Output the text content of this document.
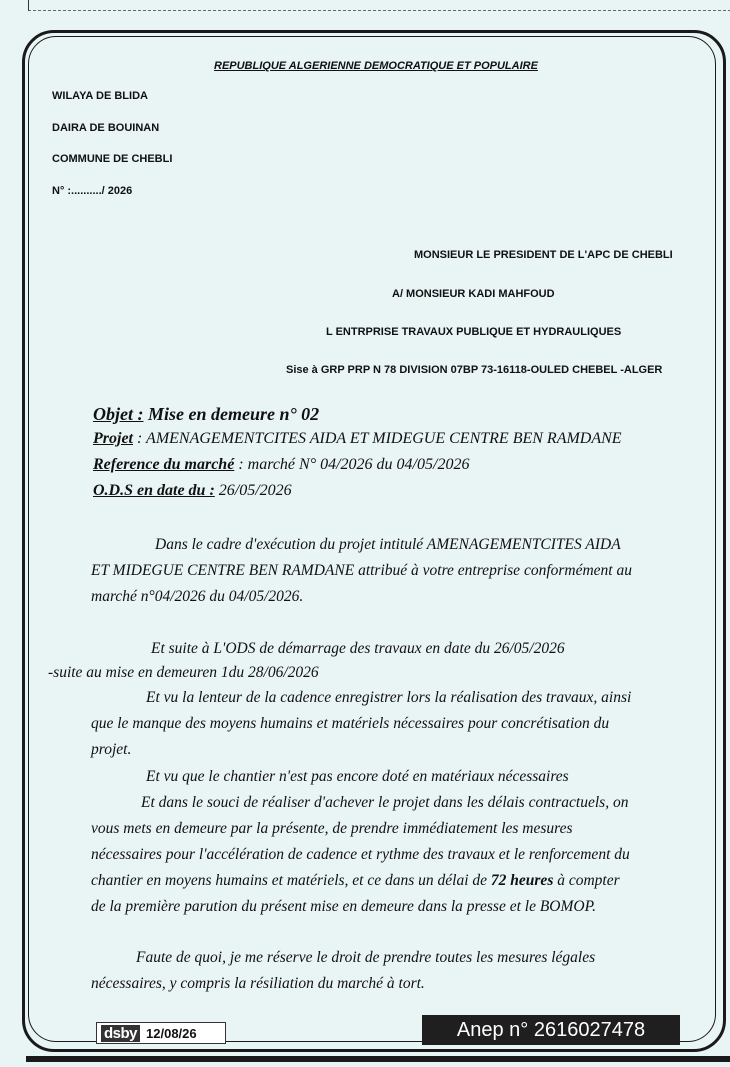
REPUBLIQUE ALGERIENNE DEMOCRATIQUE ET POPULAIRE
WILAYA DE BLIDA
DAIRA DE BOUINAN
COMMUNE DE CHEBLI
N° :........../ 2026
MONSIEUR LE PRESIDENT DE L'APC DE CHEBLI
A/ MONSIEUR KADI MAHFOUD
L ENTRPRISE TRAVAUX PUBLIQUE ET HYDRAULIQUES
Sise à GRP PRP N 78 DIVISION 07BP 73-16118-OULED CHEBEL -ALGER
Objet : Mise en demeure n° 02
Projet : AMENAGEMENTCITES AIDA ET MIDEGUE CENTRE BEN RAMDANE
Reference du marché : marché N° 04/2026 du 04/05/2026
O.D.S en date du : 26/05/2026
Dans le cadre d'exécution du projet intitulé AMENAGEMENTCITES AIDA
ET MIDEGUE CENTRE BEN RAMDANE attribué à votre entreprise conformément au
marché n°04/2026 du 04/05/2026.
Et suite à L'ODS de démarrage des travaux en date du 26/05/2026
-suite au mise en demeuren 1du 28/06/2026
Et vu la lenteur de la cadence enregistrer lors la réalisation des travaux, ainsi
que le manque des moyens humains et matériels nécessaires pour concrétisation du
projet.
Et vu que le chantier n'est pas encore doté en matériaux nécessaires
Et dans le souci de réaliser d'achever le projet dans les délais contractuels, on
vous mets en demeure par la présente, de prendre immédiatement les mesures
nécessaires pour l'accélération de cadence et rythme des travaux et le renforcement du
chantier en moyens humains et matériels, et ce dans un délai de 72 heures à compter
de la première parution du présent mise en demeure dans la presse et le BOMOP.
Faute de quoi, je me réserve le droit de prendre toutes les mesures légales
nécessaires, y compris la résiliation du marché à tort.
dsby 12/08/26	Anep n° 2616027478
